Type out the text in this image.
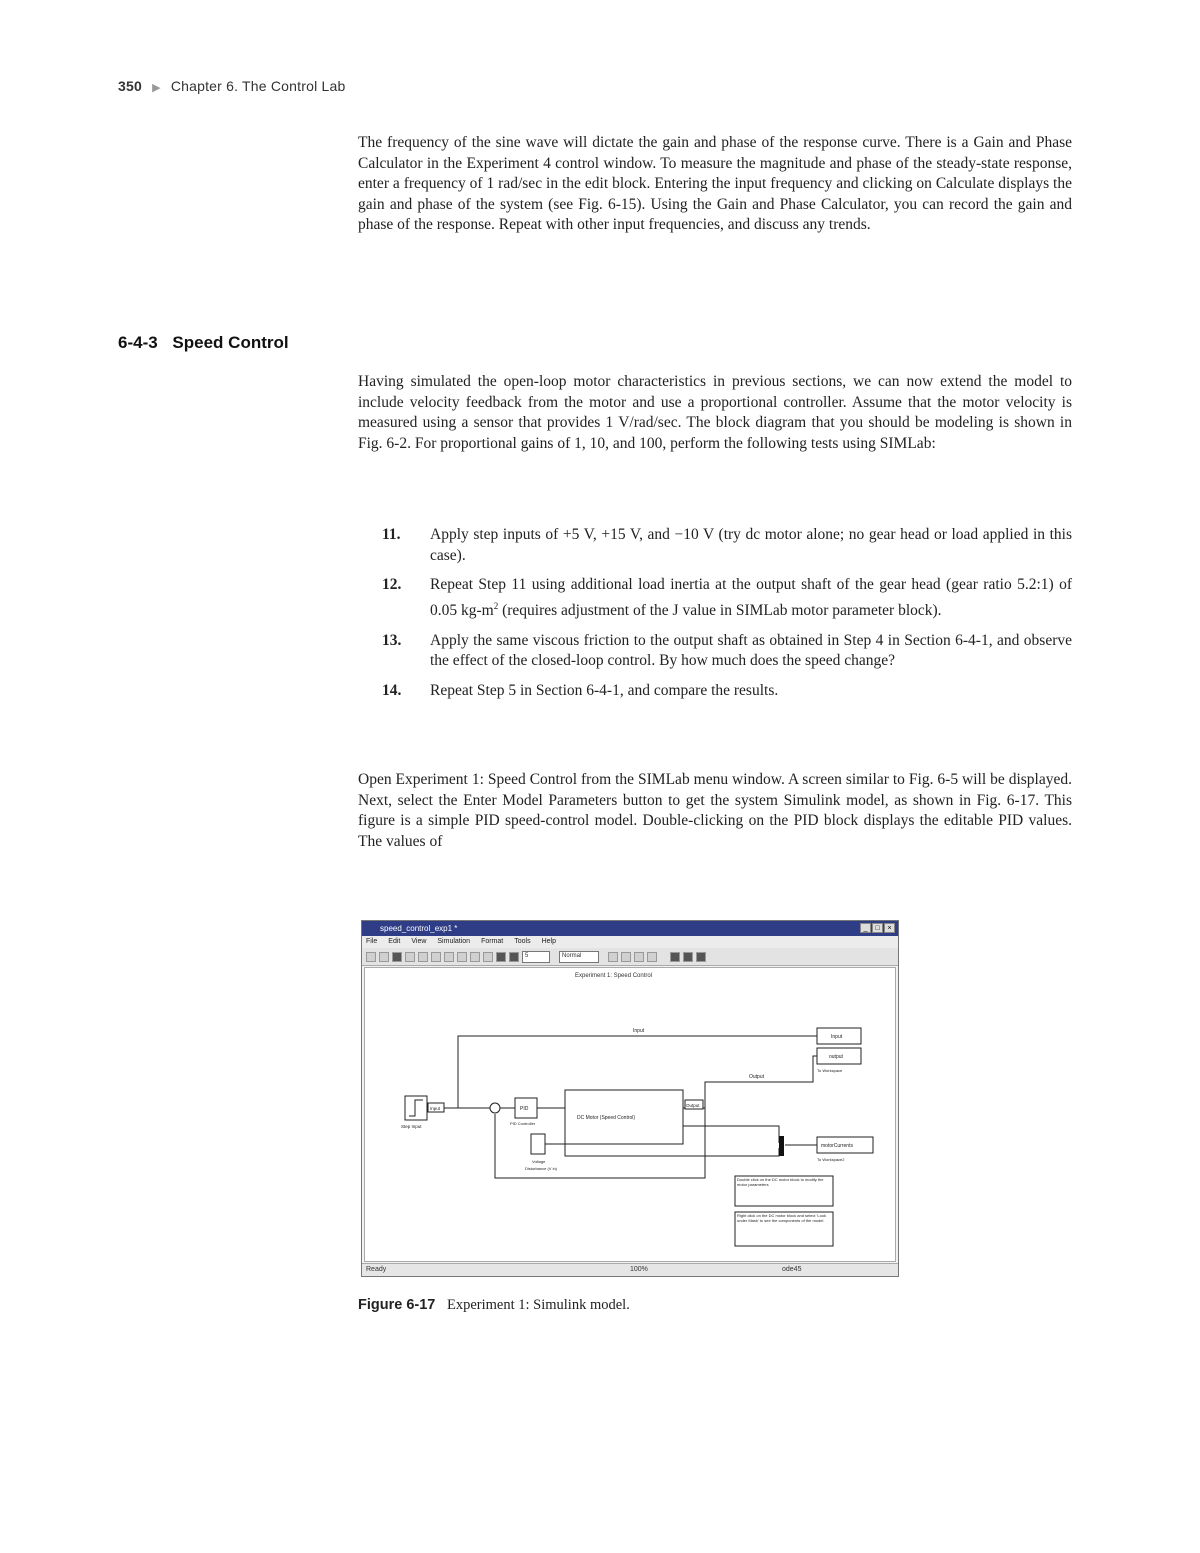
350 ▶ Chapter 6. The Control Lab

The frequency of the sine wave will dictate the gain and phase of the response curve. There is a Gain and Phase Calculator in the Experiment 4 control window. To measure the magnitude and phase of the steady-state response, enter a frequency of 1 rad/sec in the edit block. Entering the input frequency and clicking on Calculate displays the gain and phase of the system (see Fig. 6-15). Using the Gain and Phase Calculator, you can record the gain and phase of the response. Repeat with other input frequencies, and discuss any trends.

6-4-3 Speed Control

Having simulated the open-loop motor characteristics in previous sections, we can now extend the model to include velocity feedback from the motor and use a proportional controller. Assume that the motor velocity is measured using a sensor that provides 1 V/rad/sec. The block diagram that you should be modeling is shown in Fig. 6-2. For proportional gains of 1, 10, and 100, perform the following tests using SIMLab:

11. Apply step inputs of +5 V, +15 V, and −10 V (try dc motor alone; no gear head or load applied in this case).
12. Repeat Step 11 using additional load inertia at the output shaft of the gear head (gear ratio 5.2:1) of 0.05 $kg-m^2$ (requires adjustment of the J value in SIMLab motor parameter block).
13. Apply the same viscous friction to the output shaft as obtained in Step 4 in Section 6-4-1, and observe the effect of the closed-loop control. By how much does the speed change?
14. Repeat Step 5 in Section 6-4-1, and compare the results.

Open Experiment 1: Speed Control from the SIMLab menu window. A screen similar to Fig. 6-5 will be displayed. Next, select the Enter Model Parameters button to get the system Simulink model, as shown in Fig. 6-17. This figure is a simple PID speed-control model. Double-clicking on the PID block displays the editable PID values. The values of

speed_control_exp1 *	_	□	×
File Edit View Simulation Format Tools Help
5	Normal
Experiment 1: Speed Control
Step Input
Input	PID
PID Controller
DC Motor (Speed Control)
Output
Voltage
Disturbance (V in)
Input
output
To Workspace
motorCurrents
To Workspace2
Input
Output
Double click on the DC motor block to modify the motor parameters
Right click on the DC motor block and select 'Look under Mask' to see the components of the model
Ready	100%	ode45
Figure 6-17 Experiment 1: Simulink model.
